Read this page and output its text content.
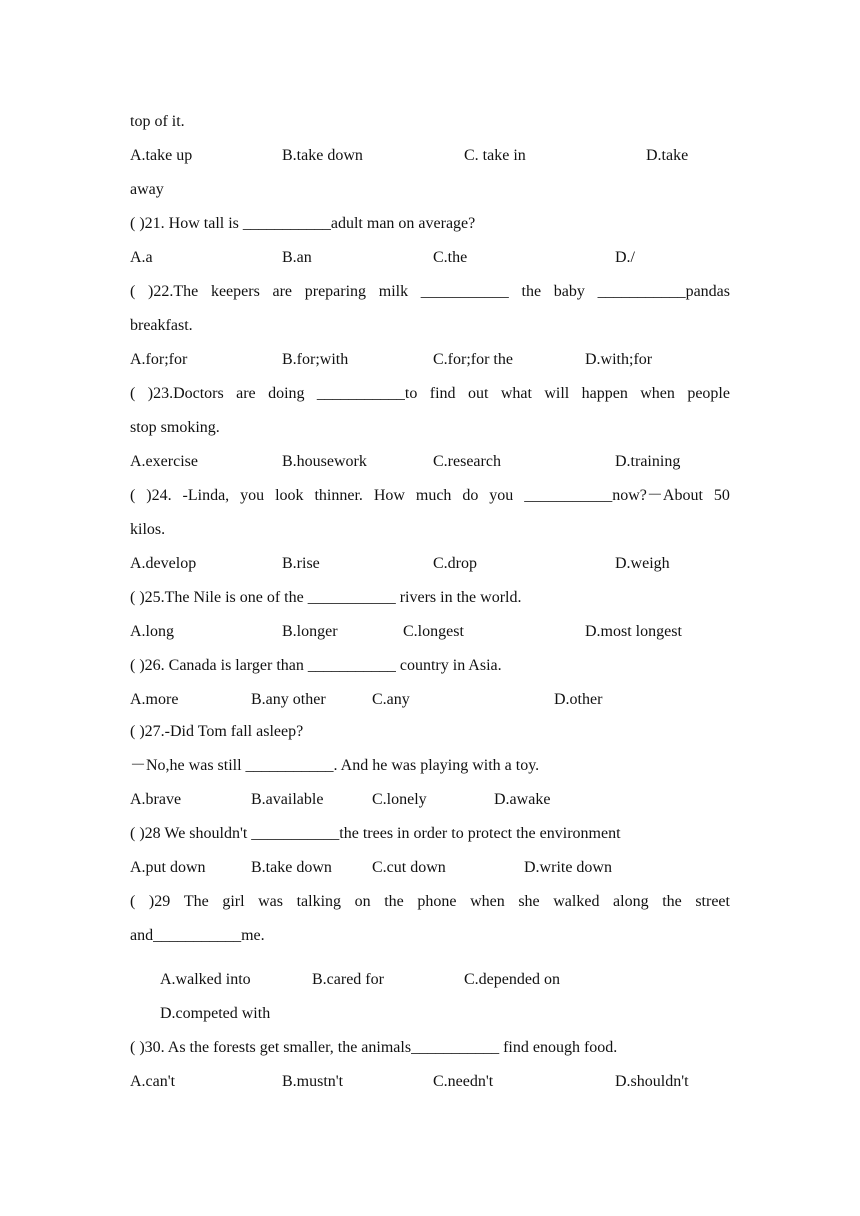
top of it.
A.take up	B.take down	C. take in	D.take
away
( )21. How tall is ___________adult man on average?
A.a	B.an	C.the	D./
( )22.The keepers are preparing milk ___________ the baby ___________pandas
breakfast.
A.for;for	B.for;with	C.for;for the	D.with;for
( )23.Doctors are doing ___________to find out what will happen when people
stop smoking.
A.exercise	B.housework	C.research	D.training
( )24. -Linda, you look thinner. How much do you ___________now?－About 50
kilos.
A.develop	B.rise	C.drop	D.weigh
( )25.The Nile is one of the ___________ rivers in the world.
A.long	B.longer	C.longest	D.most longest
( )26. Canada is larger than ___________ country in Asia.
A.more	B.any other	C.any	D.other
( )27.-Did Tom fall asleep?
－No,he was still ___________. And he was playing with a toy.
A.brave	B.available	C.lonely	D.awake
( )28 We shouldn't ___________the trees in order to protect the environment
A.put down	B.take down	C.cut down	D.write down
( )29 The girl was talking on the phone when she walked along the street
and___________me.
A.walked into	B.cared for	C.depended on
D.competed with
( )30. As the forests get smaller, the animals___________ find enough food.
A.can't	B.mustn't	C.needn't	D.shouldn't
